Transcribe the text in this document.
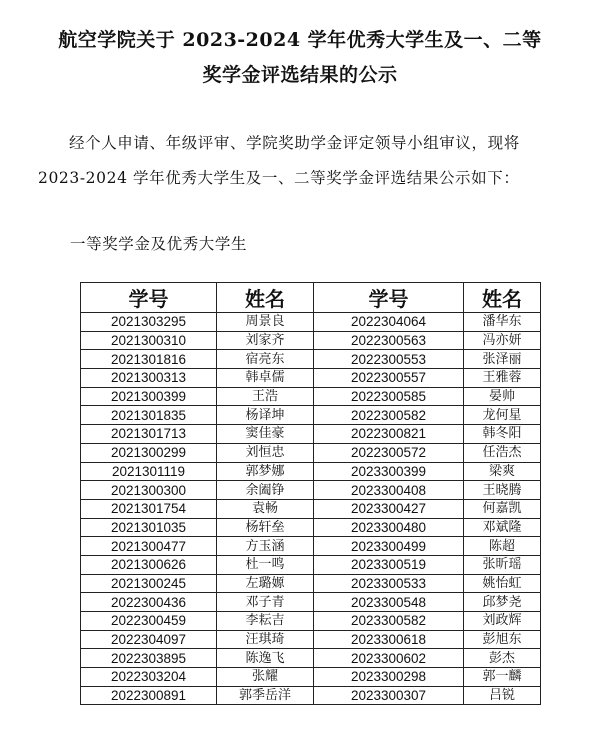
航空学院关于 2023-2024 学年优秀大学生及一、二等
奖学金评选结果的公示
经个人申请、年级评审、学院奖助学金评定领导小组审议，现将 2023-2024 学年优秀大学生及一、二等奖学金评选结果公示如下：
一等奖学金及优秀大学生
学号	姓名	学号	姓名
2021303295	周景良	2022304064	潘华东
2021300310	刘家齐	2022300563	冯亦妍
2021301816	宿亮东	2022300553	张泽丽
2021300313	韩卓儒	2022300557	王雅蓉
2021300399	王浩	2022300585	晏帅
2021301835	杨译坤	2022300582	龙何星
2021301713	窦佳豪	2022300821	韩冬阳
2021300299	刘恒忠	2022300572	任浩杰
2021301119	郭梦娜	2023300399	梁爽
2021300300	余阖铮	2023300408	王晓腾
2021301754	袁畅	2023300427	何嘉凯
2021301035	杨轩垒	2023300480	邓斌隆
2021300477	方玉涵	2023300499	陈超
2021300626	杜一鸣	2023300519	张昕瑶
2021300245	左璐嫄	2023300533	姚怡虹
2022300436	邓子青	2023300548	邱梦尧
2022300459	李耘吉	2023300582	刘政辉
2022304097	汪琪琦	2023300618	彭旭东
2022303895	陈逸飞	2023300602	彭杰
2022303204	张耀	2023300298	郭一麟
2022300891	郭季岳洋	2023300307	吕锐
